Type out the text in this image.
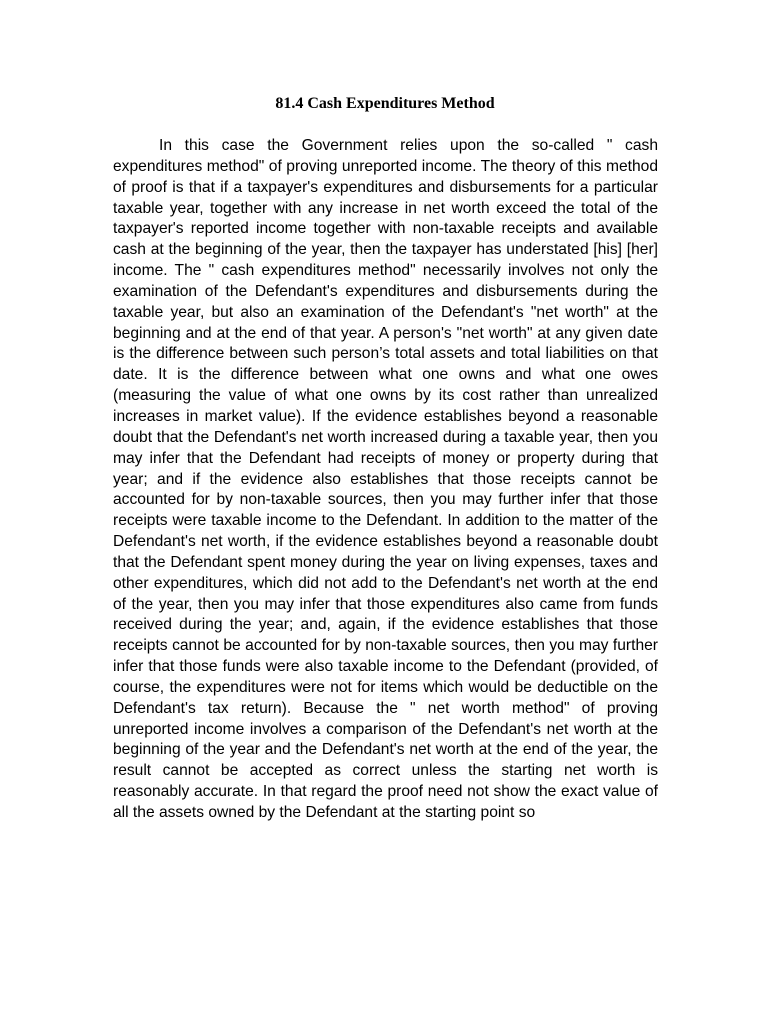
81.4 Cash Expenditures Method

In this case the Government relies upon the so-called " cash expenditures method" of proving unreported income. The theory of this method of proof is that if a taxpayer's expenditures and disbursements for a particular taxable year, together with any increase in net worth exceed the total of the taxpayer's reported income together with non-taxable receipts and available cash at the beginning of the year, then the taxpayer has understated [his] [her] income. The " cash expenditures method" necessarily involves not only the examination of the Defendant's expenditures and disbursements during the taxable year, but also an examination of the Defendant's "net worth" at the beginning and at the end of that year. A person's "net worth" at any given date is the difference between such person’s total assets and total liabilities on that date. It is the difference between what one owns and what one owes (measuring the value of what one owns by its cost rather than unrealized increases in market value). If the evidence establishes beyond a reasonable doubt that the Defendant's net worth increased during a taxable year, then you may infer that the Defendant had receipts of money or property during that year; and if the evidence also establishes that those receipts cannot be accounted for by non-taxable sources, then you may further infer that those receipts were taxable income to the Defendant. In addition to the matter of the Defendant's net worth, if the evidence establishes beyond a reasonable doubt that the Defendant spent money during the year on living expenses, taxes and other expenditures, which did not add to the Defendant's net worth at the end of the year, then you may infer that those expenditures also came from funds received during the year; and, again, if the evidence establishes that those receipts cannot be accounted for by non-taxable sources, then you may further infer that those funds were also taxable income to the Defendant (provided, of course, the expenditures were not for items which would be deductible on the Defendant's tax return). Because the " net worth method" of proving unreported income involves a comparison of the Defendant's net worth at the beginning of the year and the Defendant's net worth at the end of the year, the result cannot be accepted as correct unless the starting net worth is reasonably accurate. In that regard the proof need not show the exact value of all the assets owned by the Defendant at the starting point so
